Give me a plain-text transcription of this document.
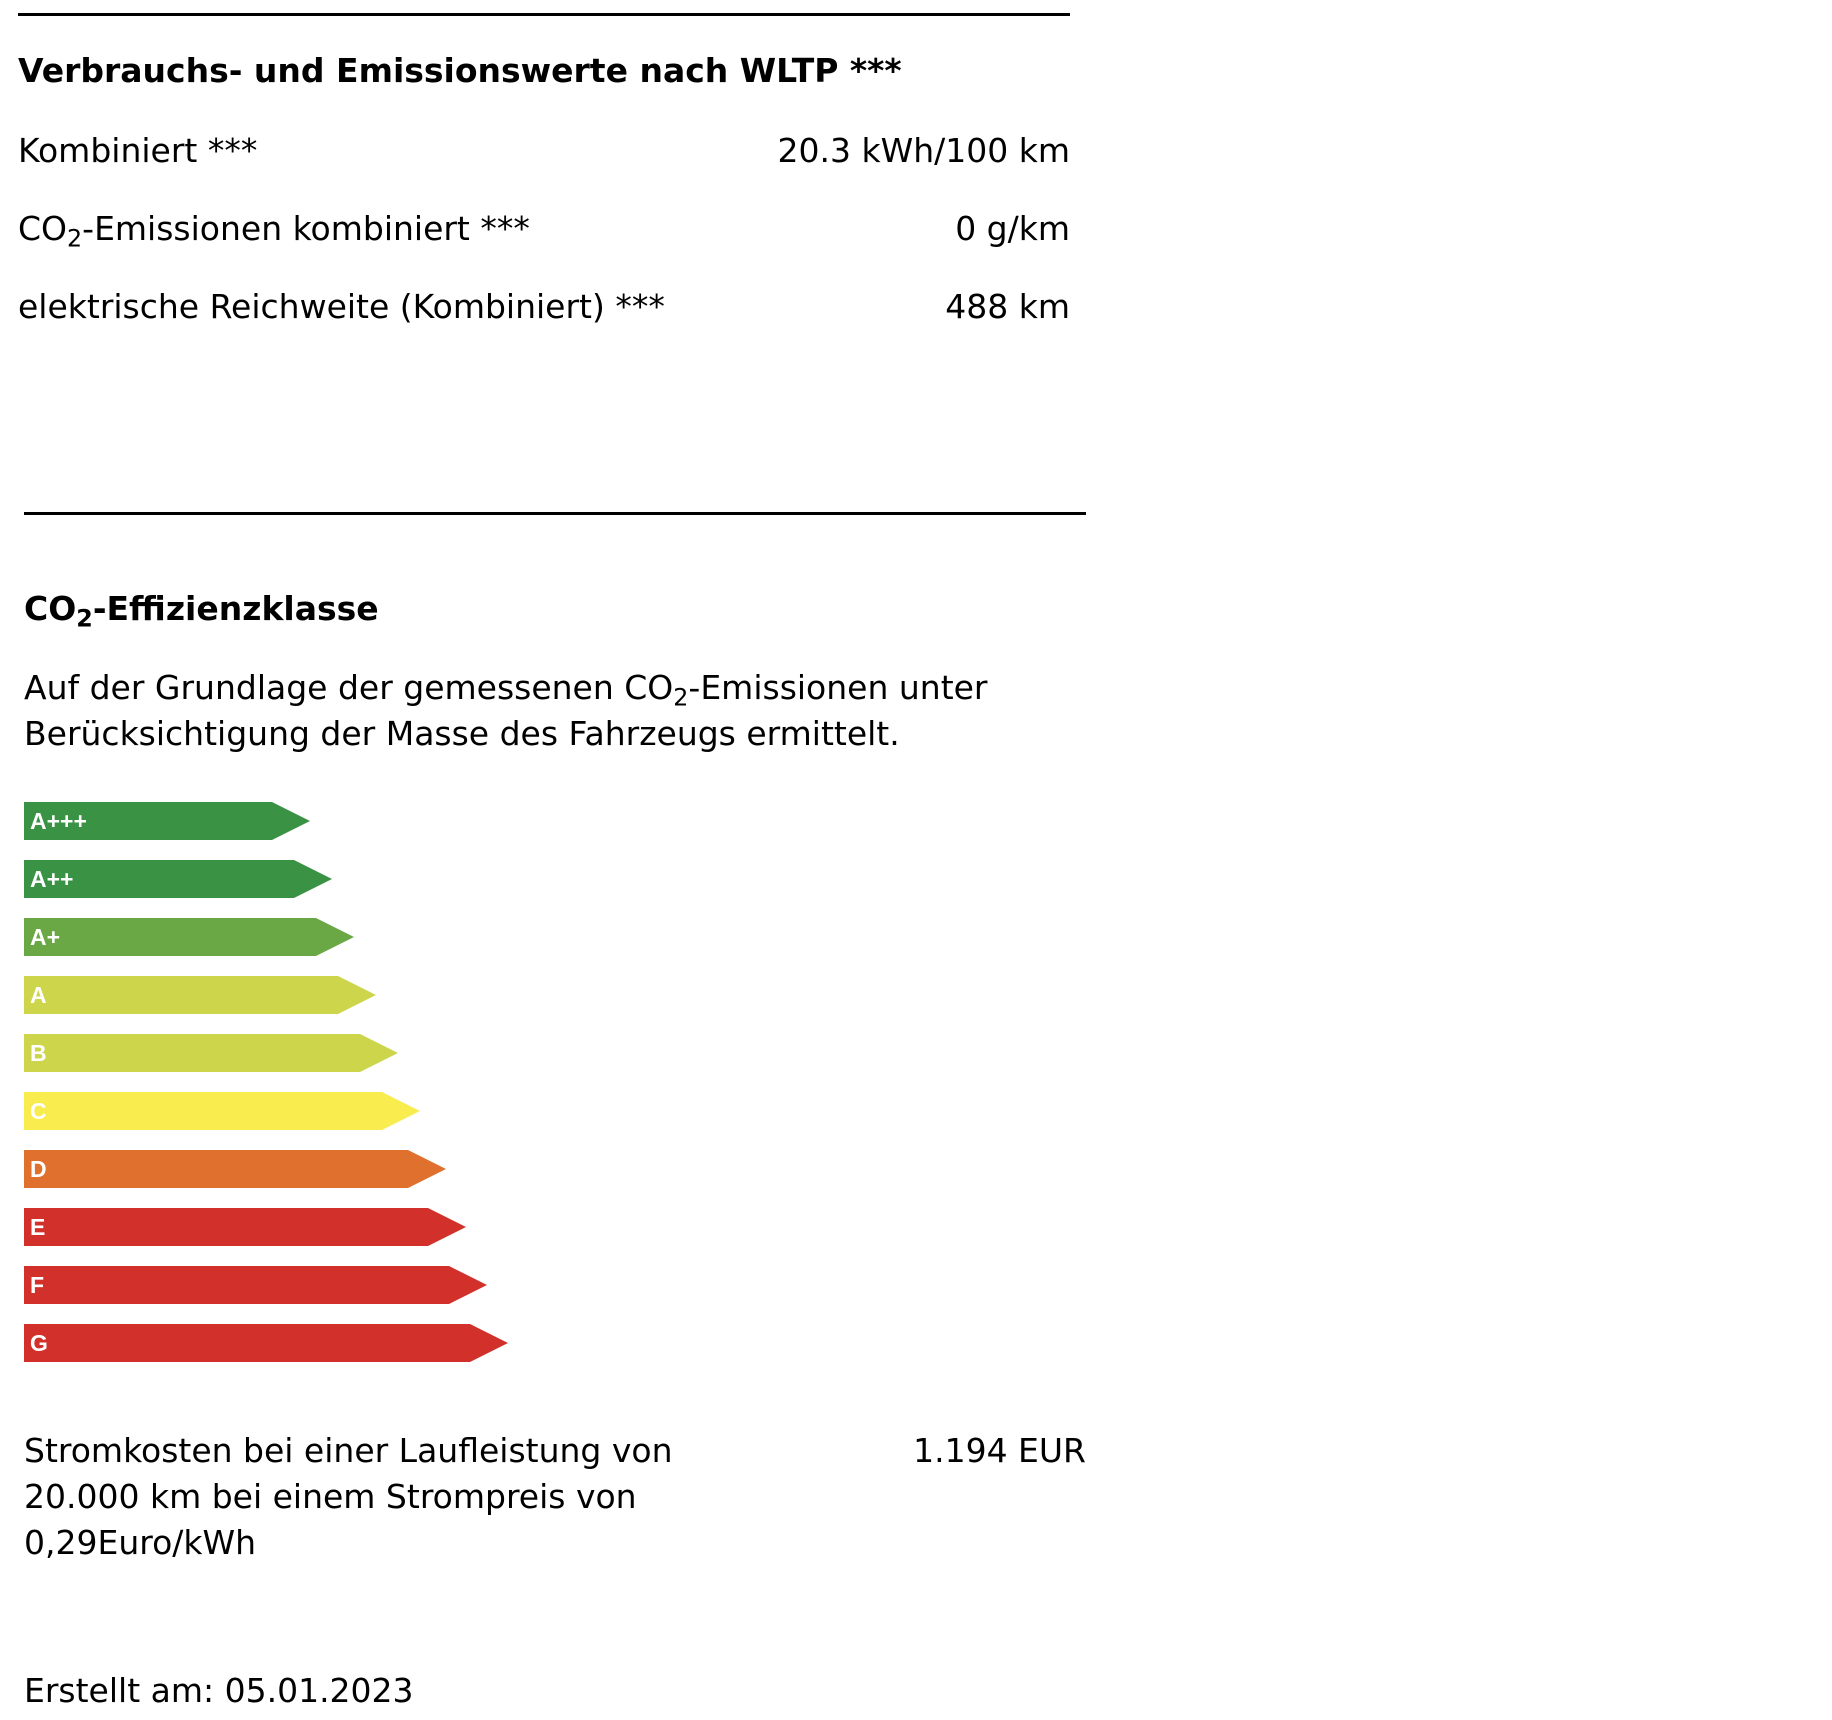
Verbrauchs- und Emissionswerte nach WLTP ***
Kombiniert ***	20.3 kWh/100 km
$CO_2$-Emissionen kombiniert ***	0 g/km
elektrische Reichweite (Kombiniert) ***	488 km
$CO_2$-Effizienzklasse
Auf der Grundlage der gemessenen $CO_2$-Emissionen unter
Berücksichtigung der Masse des Fahrzeugs ermittelt.
A+++
A++
A+
A
B
C
D
E
F
G
Stromkosten bei einer Laufleistung von
20.000 km bei einem Strompreis von
0,29Euro/kWh
1.194 EUR
Erstellt am: 05.01.2023
